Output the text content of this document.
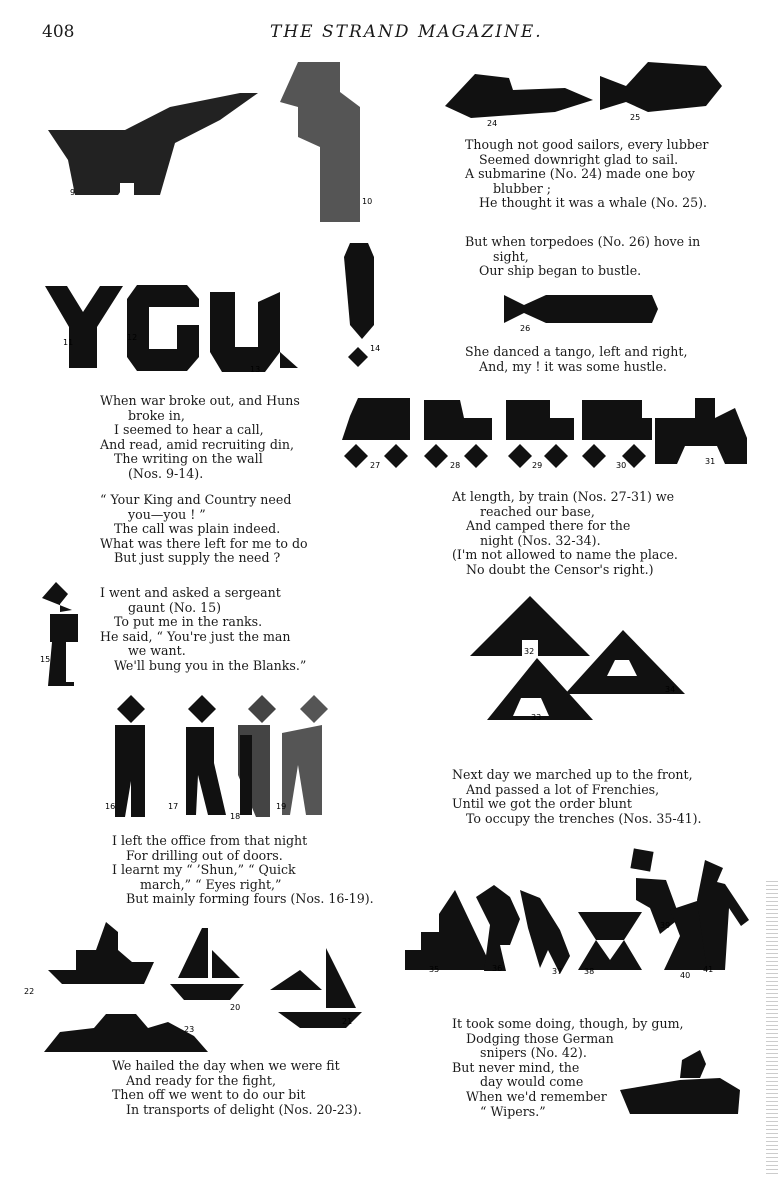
408	THE STRAND MAGAZINE.
9
10
11
12
13
14
15
16	17
18
19
22
20
21
23
24
25
26
27	28	29	30	31
32
34
33
35	36	37	38
39
40
41
When war broke out, and Huns
broke in,
I seemed to hear a call,
And read, amid recruiting din,
The writing on the wall
(Nos. 9-14).
“ Your King and Country need
you—you ! ”
The call was plain indeed.
What was there left for me to do
But just supply the need ?
I went and asked a sergeant
gaunt (No. 15)
To put me in the ranks.
He said, “ You're just the man
we want.
We'll bung you in the Blanks.”
I left the office from that night
For drilling out of doors.
I learnt my “ ’Shun,” “ Quick
march,” “ Eyes right,”
But mainly forming fours (Nos. 16-19).
We hailed the day when we were fit
And ready for the fight,
Then off we went to do our bit
In transports of delight (Nos. 20-23).
Though not good sailors, every lubber
Seemed downright glad to sail.
A submarine (No. 24) made one boy
blubber ;
He thought it was a whale (No. 25).
But when torpedoes (No. 26) hove in
sight,
Our ship began to bustle.
She danced a tango, left and right,
And, my ! it was some hustle.
At length, by train (Nos. 27-31) we
reached our base,
And camped there for the
night (Nos. 32-34).
(I'm not allowed to name the place.
No doubt the Censor's right.)
Next day we marched up to the front,
And passed a lot of Frenchies,
Until we got the order blunt
To occupy the trenches (Nos. 35-41).
It took some doing, though, by gum,
Dodging those German
snipers (No. 42).
But never mind, the
day would come
When we'd remember
“ Wipers.”
